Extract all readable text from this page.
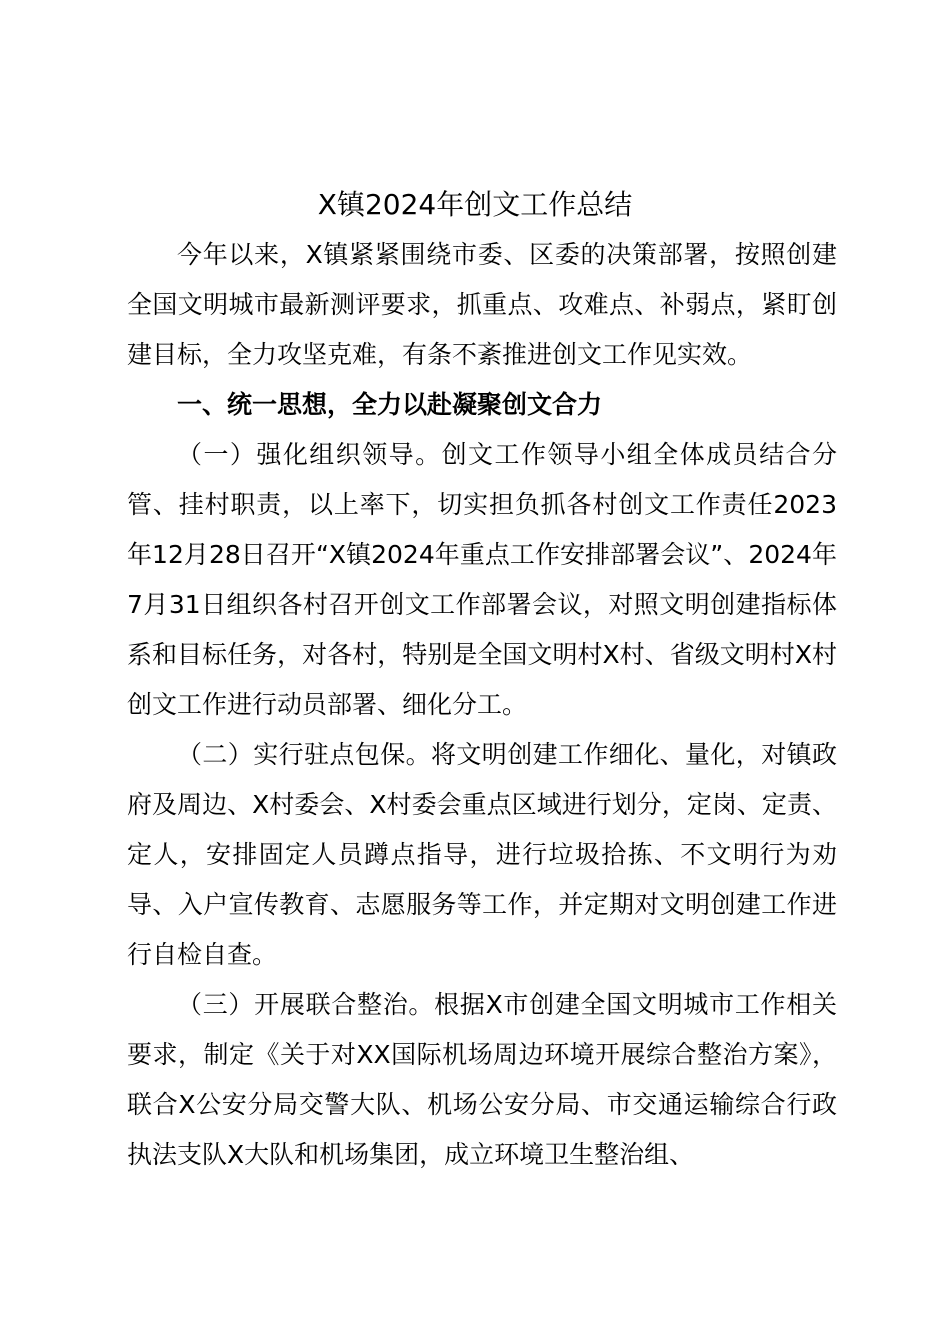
X镇2024年创文工作总结

今年以来，X镇紧紧围绕市委、区委的决策部署，按照创建全国文明城市最新测评要求，抓重点、攻难点、补弱点，紧盯创建目标，全力攻坚克难，有条不紊推进创文工作见实效。

一、统一思想，全力以赴凝聚创文合力

（一）强化组织领导。创文工作领导小组全体成员结合分管、挂村职责，以上率下，切实担负抓各村创文工作责任2023年12月28日召开“X镇2024年重点工作安排部署会议”、2024年7月31日组织各村召开创文工作部署会议，对照文明创建指标体系和目标任务，对各村，特别是全国文明村X村、省级文明村X村创文工作进行动员部署、细化分工。

（二）实行驻点包保。将文明创建工作细化、量化，对镇政府及周边、X村委会、X村委会重点区域进行划分，定岗、定责、定人，安排固定人员蹲点指导，进行垃圾拾拣、不文明行为劝导、入户宣传教育、志愿服务等工作，并定期对文明创建工作进行自检自查。

（三）开展联合整治。根据X市创建全国文明城市工作相关要求，制定《关于对XX国际机场周边环境开展综合整治方案》，联合X公安分局交警大队、机场公安分局、市交通运输综合行政执法支队X大队和机场集团，成立环境卫生整治组、
